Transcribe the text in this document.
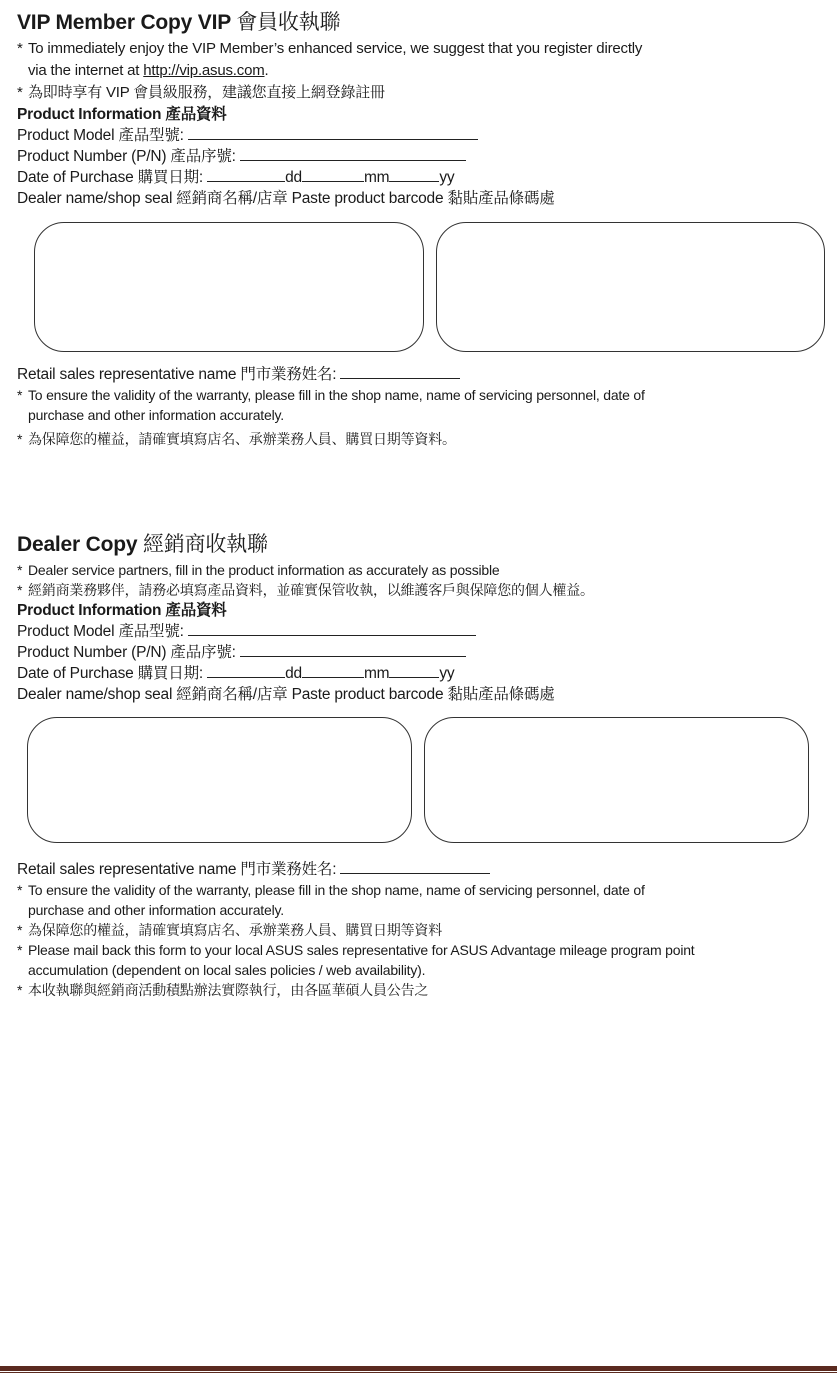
VIP Member Copy VIP 會員收執聯
* To immediately enjoy the VIP Member’s enhanced service, we suggest that you register directly
via the internet at http://vip.asus.com.
* 為即時享有 VIP 會員級服務，建議您直接上網登錄註冊
Product Information 產品資料
Product Model 產品型號:
Product Number (P/N) 產品序號:
Date of Purchase 購買日期:	dd	mm	yy
Dealer name/shop seal 經銷商名稱/店章 Paste product barcode 黏貼產品條碼處
Retail sales representative name 門市業務姓名:
* To ensure the validity of the warranty, please fill in the shop name, name of servicing personnel, date of
purchase and other information accurately.
* 為保障您的權益，請確實填寫店名、承辦業務人員、購買日期等資料。
Dealer Copy 經銷商收執聯
* Dealer service partners, fill in the product information as accurately as possible
* 經銷商業務夥伴，請務必填寫產品資料，並確實保管收執，以維護客戶與保障您的個人權益。
Product Information 產品資料
Product Model 產品型號:
Product Number (P/N) 產品序號:
Date of Purchase 購買日期:	dd	mm	yy
Dealer name/shop seal 經銷商名稱/店章 Paste product barcode 黏貼產品條碼處
Retail sales representative name 門市業務姓名:
* To ensure the validity of the warranty, please fill in the shop name, name of servicing personnel, date of
purchase and other information accurately.
* 為保障您的權益，請確實填寫店名、承辦業務人員、購買日期等資料
* Please mail back this form to your local ASUS sales representative for ASUS Advantage mileage program point
accumulation (dependent on local sales policies / web availability).
* 本收執聯與經銷商活動積點辦法實際執行，由各區華碩人員公告之
